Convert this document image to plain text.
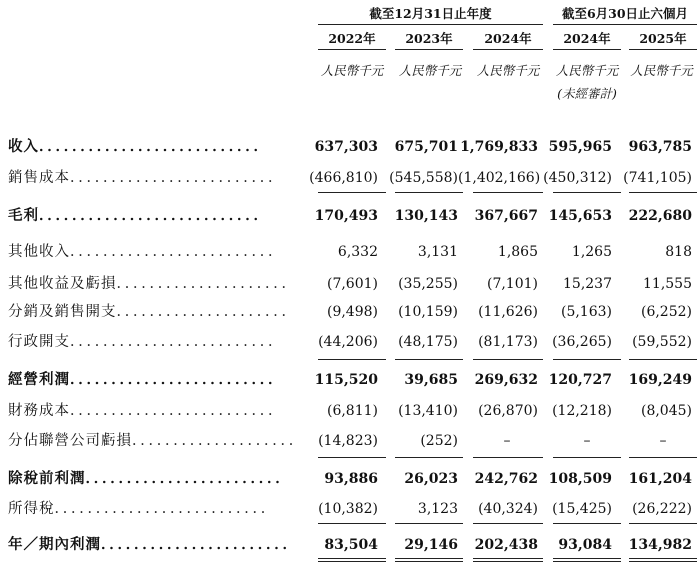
截至12月31日止年度	截至6月30日止六個月
2022年	2023年	2024年	2024年	2025年
人民幣千元	人民幣千元	人民幣千元	人民幣千元 人民幣千元
(未經審計)
收入．．．．．．．．．．．．．．．．．．．．．．．．．．．	637,303	675,701 1,769,833 595,965	963,785
銷售成本．．．．．．．．．．．．．．．．．．．．．．．．．	(466,810) (545,558) (1,402,166) (450,312) (741,105)
毛利．．．．．．．．．．．．．．．．．．．．．．．．．．．	170,493	130,143	367,667 145,653	222,680
其他收入．．．．．．．．．．．．．．．．．．．．．．．．．	6,332	3,131	1,865	1,265	818
其他收益及虧損．．．．．．．．．．．．．．．．．．．．．	(7,601)	(35,255)	(7,101)	15,237	11,555
分銷及銷售開支．．．．．．．．．．．．．．．．．．．．．	(9,498)	(10,159)	(11,626)	(5,163)	(6,252)
行政開支．．．．．．．．．．．．．．．．．．．．．．．．．	(44,206)	(48,175)	(81,173)	(36,265)	(59,552)
經營利潤．．．．．．．．．．．．．．．．．．．．．．．．．	115,520	39,685	269,632 120,727	169,249
財務成本．．．．．．．．．．．．．．．．．．．．．．．．．	(6,811)	(13,410)	(26,870)	(12,218)	(8,045)
分佔聯營公司虧損．．．．．．．．．．．．．．．．．．．． (14,823)	(252)	–	–	–
除稅前利潤．．．．．．．．．．．．．．．．．．．．．．．．	93,886	26,023	242,762 108,509	161,204
所得稅．．．．．．．．．．．．．．．．．．．．．．．．．．	(10,382)	3,123	(40,324)	(15,425)	(26,222)
年／期內利潤．．．．．．．．．．．．．．．．．．．．．．．	83,504	29,146	202,438	93,084	134,982
